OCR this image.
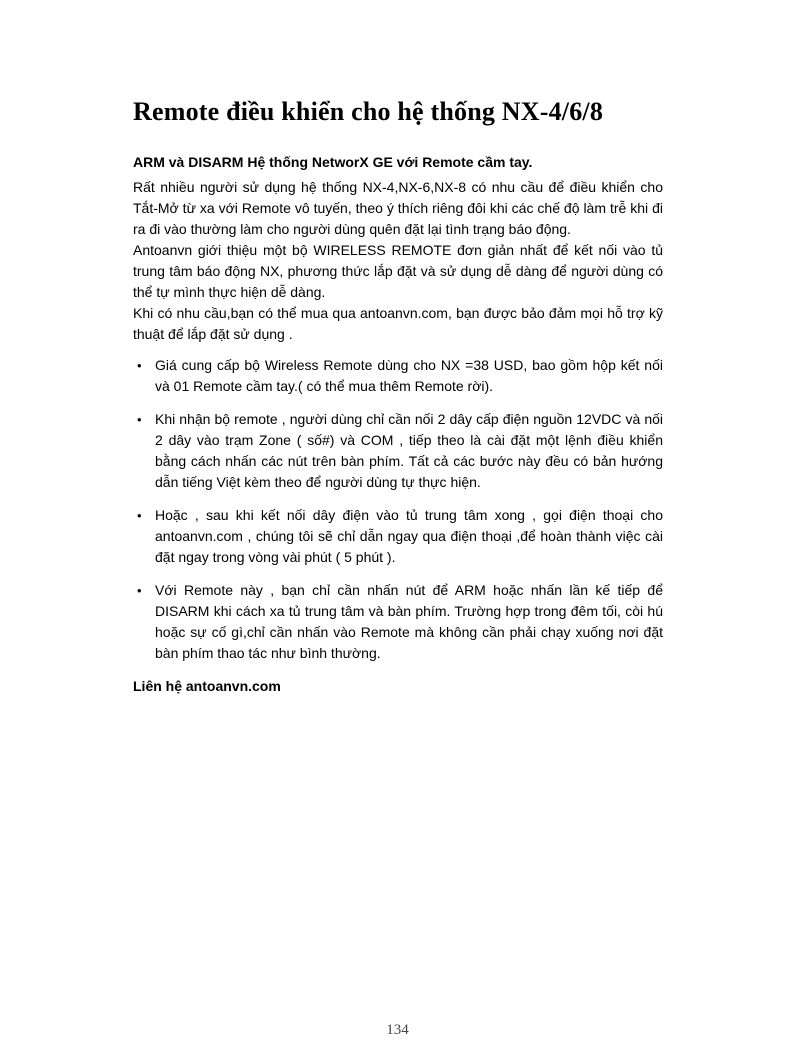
Remote điều khiển cho hệ thống NX-4/6/8

ARM và DISARM Hệ thống NetworX GE với Remote cầm tay.

Rất nhiều người sử dụng hệ thống NX-4,NX-6,NX-8 có nhu cầu để điều khiển cho Tắt-Mở từ xa với Remote vô tuyến, theo ý thích riêng đôi khi các chế độ làm trễ khi đi ra đi vào thường làm cho người dùng quên đặt lại tình trạng báo động.

Antoanvn giới thiệu một bộ WIRELESS REMOTE đơn giản nhất để kết nối vào tủ trung tâm báo động NX, phương thức lắp đặt và sử dụng dễ dàng để người dùng có thể tự mình thực hiện dễ dàng.

Khi có nhu cầu,bạn có thể mua qua antoanvn.com, bạn được bảo đảm mọi hỗ trợ kỹ thuật để lắp đặt sử dụng .

• Giá cung cấp bộ Wireless Remote dùng cho NX =38 USD, bao gồm hộp kết nối và 01 Remote cầm tay.( có thể mua thêm Remote rời).
• Khi nhận bộ remote , người dùng chỉ cần nối 2 dây cấp điện nguồn 12VDC và nối 2 dây vào trạm Zone ( số#) và COM , tiếp theo là cài đặt một lệnh điều khiển bằng cách nhấn các nút trên bàn phím. Tất cả các bước này đều có bản hướng dẫn tiếng Việt kèm theo để người dùng tự thực hiện.
• Hoặc , sau khi kết nối dây điện vào tủ trung tâm xong , gọi điện thoại cho antoanvn.com , chúng tôi sẽ chỉ dẫn ngay qua điện thoại ,để hoàn thành việc cài đặt ngay trong vòng vài phút ( 5 phút ).
• Với Remote này , bạn chỉ cần nhấn nút để ARM hoặc nhấn lần kế tiếp để DISARM khi cách xa tủ trung tâm và bàn phím. Trường hợp trong đêm tối, còi hú hoặc sự cố gì,chỉ cần nhấn vào Remote mà không cần phải chạy xuống nơi đặt bàn phím thao tác như bình thường.

Liên hệ antoanvn.com

134
